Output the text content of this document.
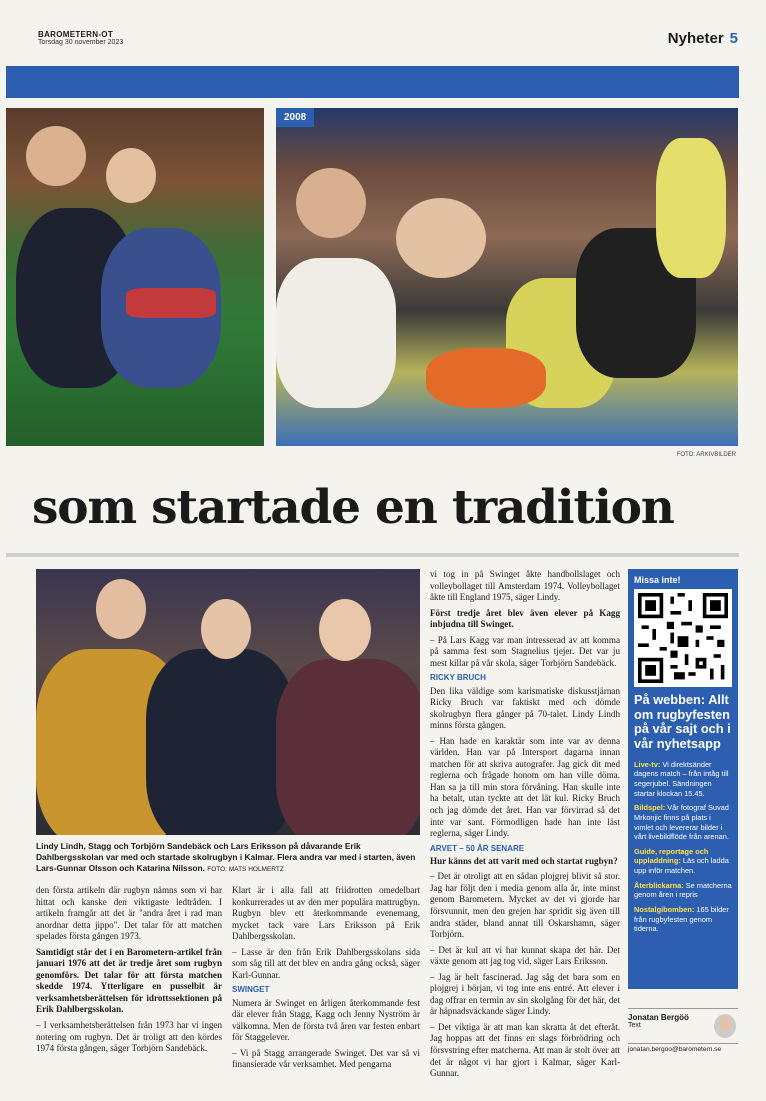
BAROMETERN-OT
Torsdag 30 november 2023	Nyheter 5
2008
FOTO: ARKIVBILDER
som startade en tradition
Lindy Lindh, Stagg och Torbjörn Sandebäck och Lars Eriksson på dåvarande Erik Dahlbergsskolan var med och startade skolrugbyn i Kalmar. Flera andra var med i starten, även Lars-Gunnar Olsson och Katarina Nilsson. FOTO: MATS HOLMERTZ

den första artikeln där rugbyn nämns som vi har hittat och kanske den viktigaste ledtråden. I artikeln framgår att det är "andra året i rad man anordnar detta jippo". Det talar för att matchen spelades första gången 1973.

Samtidigt står det i en Barometern-artikel från januari 1976 att det är tredje året som rugbyn genomförs. Det talar för att första matchen skedde 1974. Ytterligare en pusselbit är verksamhetsberättelsen för idrottssektionen på Erik Dahlbergsskolan.

– I verksamhetsberättelsen från 1973 har vi ingen notering om rugbyn. Det är troligt att den kördes 1974 första gången, säger Torbjörn Sandebäck.

Klart är i alla fall att friidrotten omedelbart konkurrerades ut av den mer populära mattrugbyn. Rugbyn blev ett återkommande evenemang, mycket tack vare Lars Eriksson på Erik Dahlbergsskolan.

– Lasse är den från Erik Dahlbergsskolans sida som såg till att det blev en andra gång också, säger Karl-Gunnar.

SWINGET

Numera är Swinget en årligen återkommande fest där elever från Stagg, Kagg och Jenny Nyström är välkomna. Men de första två åren var festen enbart för Staggelever.

– Vi på Stagg arrangerade Swinget. Det var så vi finansierade vår verksamhet. Med pengarna

vi tog in på Swinget åkte handbollslaget och volleybollaget till Amsterdam 1974. Volleybollaget åkte till England 1975, säger Lindy.

Först tredje året blev även elever på Kagg inbjudna till Swinget.

– På Lars Kagg var man intresserad av att komma på samma fest som Stagnelius tjejer. Det var ju mest killar på vår skola, säger Torbjörn Sandebäck.

RICKY BRUCH

Den lika väldige som karismatiske diskusstjärnan Ricky Bruch var faktiskt med och dömde skolrugbyn flera gånger på 70-talet. Lindy Lindh minns första gången.

– Han hade en karaktär som inte var av denna världen. Han var på Intersport dagarna innan matchen för att skriva autografer. Jag gick dit med reglerna och frågade honom om han ville döma. Han sa ja till min stora förvåning. Han skulle inte ha betalt, utan tyckte att det lät kul. Ricky Bruch och jag dömde det året. Han var förvirrad så det inte var sant. Förmodligen hade han inte läst reglerna, säger Lindy.

ARVET – 50 ÅR SENARE

Hur känns det att varit med och startat rugbyn?

– Det är otroligt att en sådan plojgrej blivit så stor. Jag har följt den i media genom alla år, inte minst genom Barometern. Mycket av det vi gjorde har försvunnit, men den grejen har spridit sig även till andra städer, bland annat till Oskarshamn, säger Torbjörn.

– Det är kul att vi har kunnat skapa det här. Det växte genom att jag tog vid, säger Lars Eriksson.

– Jag är helt fascinerad. Jag såg det bara som en plojgrej i början, vi tog inte ens entré. Att elever i dag offrar en termin av sin skolgång för det här, det är häpnadsväckande säger Lindy.

– Det viktiga är att man kan skratta åt det efteråt. Jag hoppas att det finns en slags förbrödring och försvstring efter matcherna. Att man är stolt över att det är något vi har gjort i Kalmar, säger Karl-Gunnar.

Missa inte!
På webben: Allt om rugbyfesten på vår sajt och i vår nyhetsapp
Live-tv: Vi direktsänder dagens match – från intåg till segerjubel. Sändningen startar klockan 15.45.
Bildspel: Vår fotograf Suvad Mrkonjic finns på plats i vimlet och levererar bilder i vårt livebildflöde från arenan.
Guide, reportage och uppladdning: Läs och ladda upp inför matchen.
Återblickarna: Se matcherna genom åren i repris
Nostalgibomben: 165 bilder från rugbyfesten genom tiderna.
Jonatan Bergöö
Text
jonatan.bergoo@barometern.se
